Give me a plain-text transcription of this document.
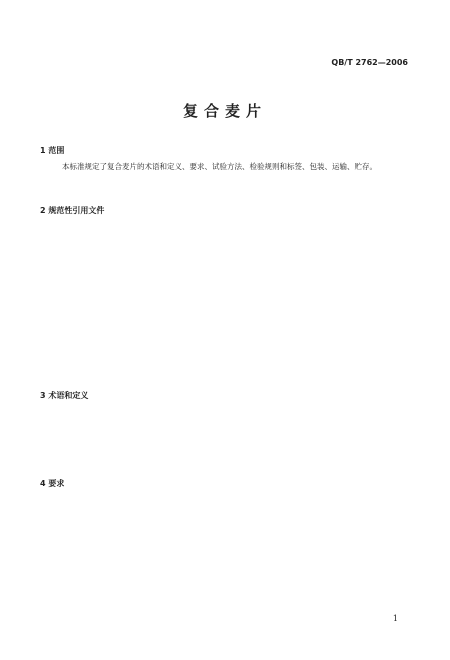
QB/T 2762—2006
复合麦片
1 范围
本标准规定了复合麦片的术语和定义、要求、试验方法、检验规则和标签、包装、运输、贮存。
2 规范性引用文件
3 术语和定义
4 要求
1
